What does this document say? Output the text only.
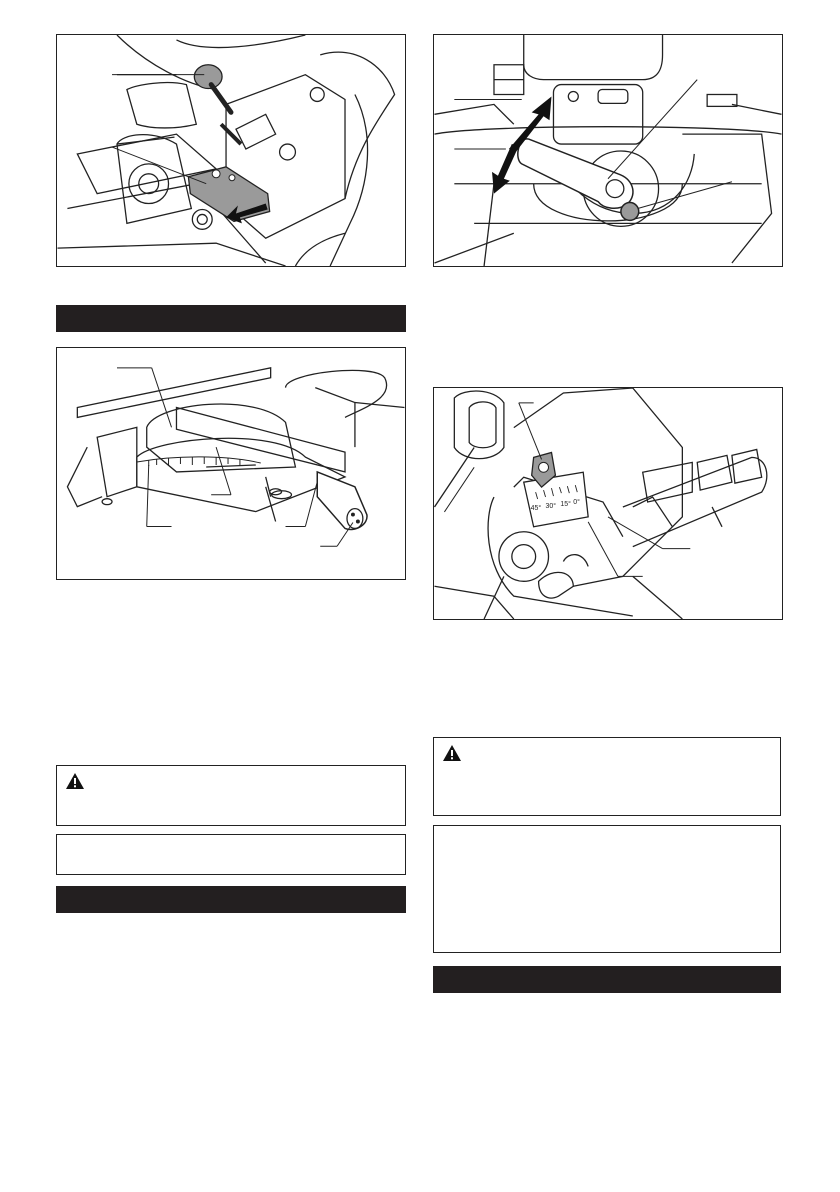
45° 30° 15° 0°
